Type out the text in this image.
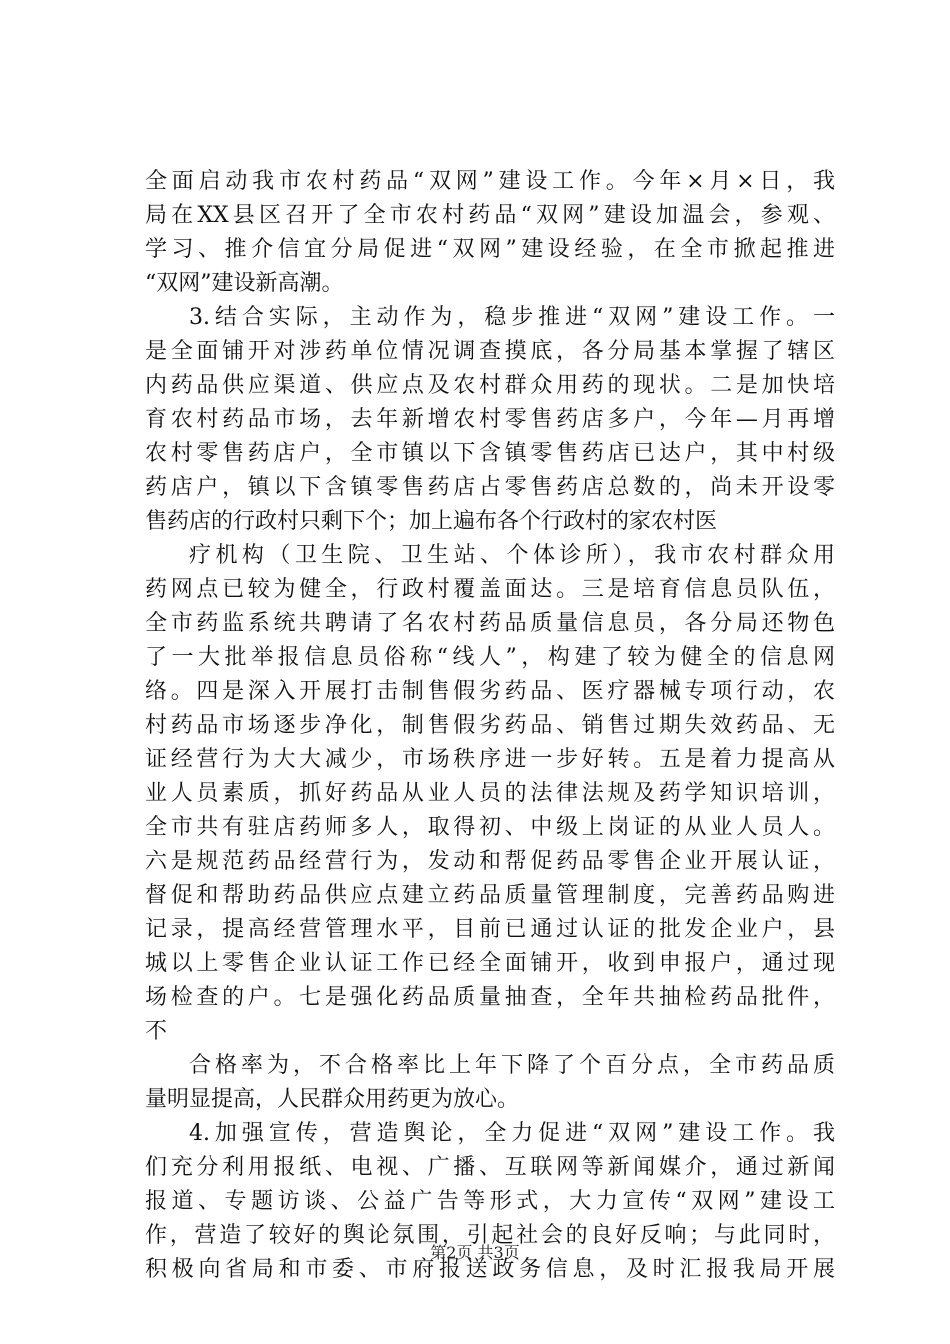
全面启动我市农村药品“双网”建设工作。今年×月×日，我
局在XX县区召开了全市农村药品“双网”建设加温会，参观、
学习、推介信宜分局促进“双网”建设经验，在全市掀起推进
“双网”建设新高潮。
3.结合实际，主动作为，稳步推进“双网”建设工作。一
是全面铺开对涉药单位情况调查摸底，各分局基本掌握了辖区
内药品供应渠道、供应点及农村群众用药的现状。二是加快培
育农村药品市场，去年新增农村零售药店多户，今年—月再增
农村零售药店户，全市镇以下含镇零售药店已达户，其中村级
药店户，镇以下含镇零售药店占零售药店总数的，尚未开设零
售药店的行政村只剩下个；加上遍布各个行政村的家农村医
疗机构（卫生院、卫生站、个体诊所），我市农村群众用
药网点已较为健全，行政村覆盖面达。三是培育信息员队伍，
全市药监系统共聘请了名农村药品质量信息员，各分局还物色
了一大批举报信息员俗称“线人”，构建了较为健全的信息网
络。四是深入开展打击制售假劣药品、医疗器械专项行动，农
村药品市场逐步净化，制售假劣药品、销售过期失效药品、无
证经营行为大大减少，市场秩序进一步好转。五是着力提高从
业人员素质，抓好药品从业人员的法律法规及药学知识培训，
全市共有驻店药师多人，取得初、中级上岗证的从业人员人。
六是规范药品经营行为，发动和帮促药品零售企业开展认证，
督促和帮助药品供应点建立药品质量管理制度，完善药品购进
记录，提高经营管理水平，目前已通过认证的批发企业户，县
城以上零售企业认证工作已经全面铺开，收到申报户，通过现
场检查的户。七是强化药品质量抽查，全年共抽检药品批件，
不
合格率为，不合格率比上年下降了个百分点，全市药品质
量明显提高，人民群众用药更为放心。
4.加强宣传，营造舆论，全力促进“双网”建设工作。我
们充分利用报纸、电视、广播、互联网等新闻媒介，通过新闻
报道、专题访谈、公益广告等形式，大力宣传“双网”建设工
作，营造了较好的舆论氛围，引起社会的良好反响；与此同时，
积极向省局和市委、市府报送政务信息，及时汇报我局开展
第2页 共3页
